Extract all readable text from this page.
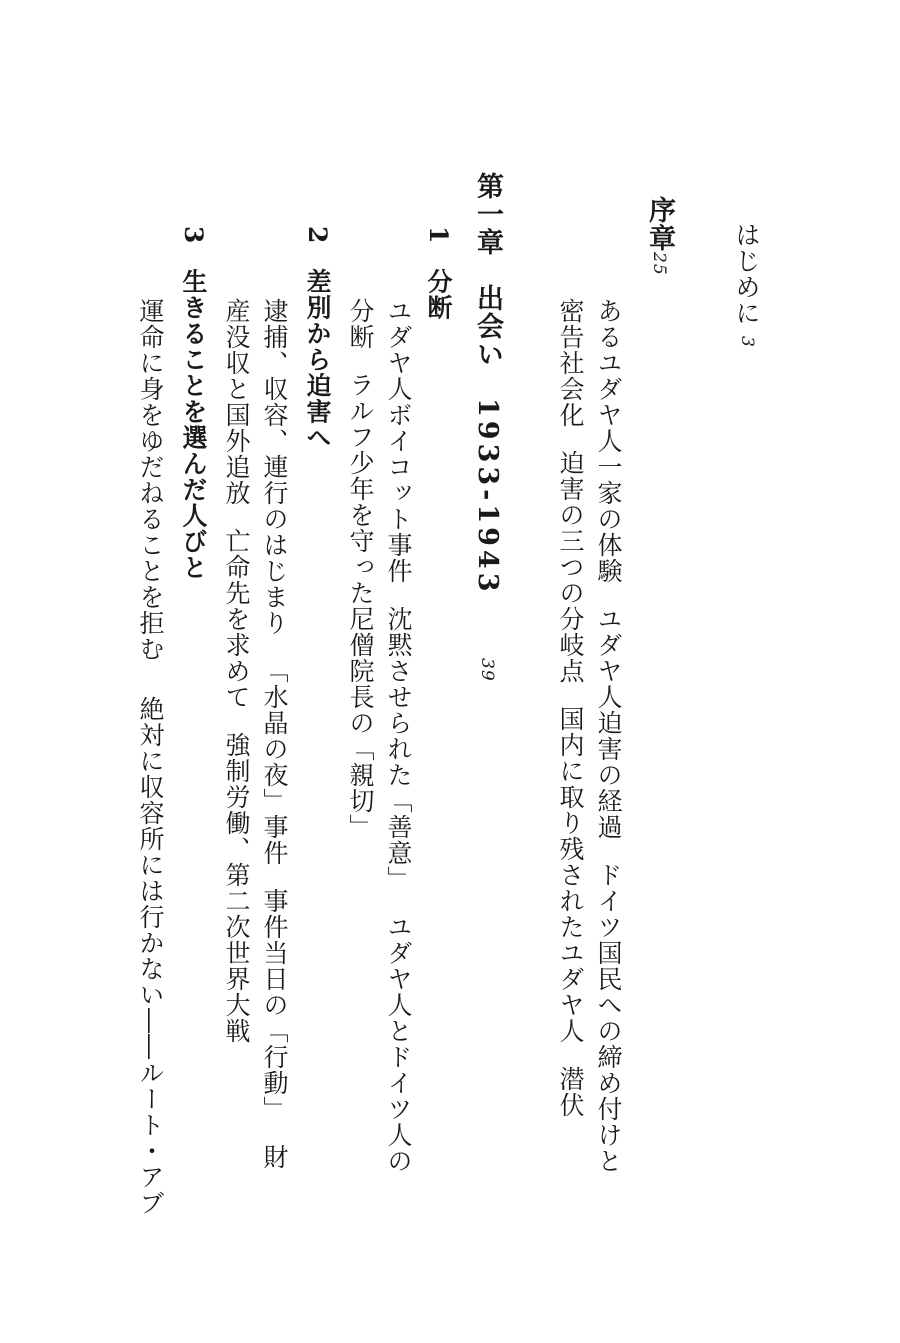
はじめに
3
序章
25
あるユダヤ人一家の体験ユダヤ人迫害の経過ドイツ国民への締め付けと
密告社会化迫害の三つの分岐点国内に取り残されたユダヤ人潜伏
第一章　出会い1933-1943
39
1分断
ユダヤ人ボイコット事件沈黙させられた「善意」ユダヤ人とドイツ人の
分断ラルフ少年を守った尼僧院長の「親切」
2差別から迫害へ
逮捕、収容、連行のはじまり「水晶の夜」事件事件当日の「行動」財
産没収と国外追放亡命先を求めて強制労働、第二次世界大戦
3生きることを選んだ人びと
運命に身をゆだねることを拒む絶対に収容所には行かない――ルート・アブ
